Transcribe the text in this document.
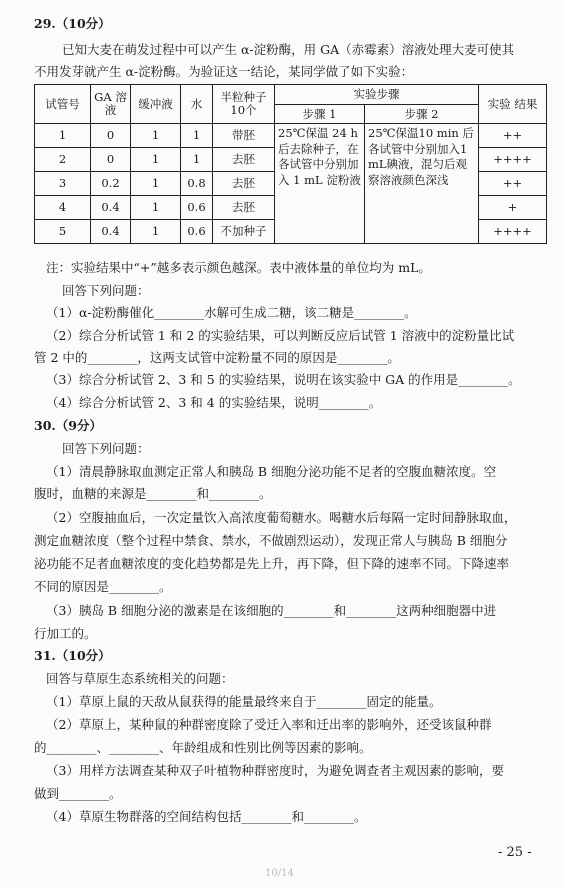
29.（10分）
已知大麦在萌发过程中可以产生 α-淀粉酶，用 GA（赤霉素）溶液处理大麦可使其
不用发芽就产生 α-淀粉酶。为验证这一结论，某同学做了如下实验：
试管号	GA 溶液	缓冲液	水	半粒种子 10个	实验步骤		实验 结果
					步骤 1	步骤 2	
1	0	1	1	带胚	25℃保温 24 h 后去除种子，在各试管中分别加入 1 mL 淀粉液	25℃保温10 min 后各试管中分别加入1 mL碘液，混匀后观察溶液颜色深浅	++
2	0	1	1	去胚			++++
3	0.2	1	0.8	去胚			++
4	0.4	1	0.6	去胚			+
5	0.4	1	0.6	不加种子			++++
注：实验结果中“+”越多表示颜色越深。表中液体量的单位均为 mL。
回答下列问题：
（1）α-淀粉酶催化________水解可生成二糖，该二糖是________。
（2）综合分析试管 1 和 2 的实验结果，可以判断反应后试管 1 溶液中的淀粉量比试
管 2 中的________，这两支试管中淀粉量不同的原因是________。
（3）综合分析试管 2、3 和 5 的实验结果，说明在该实验中 GA 的作用是________。
（4）综合分析试管 2、3 和 4 的实验结果，说明________。
30.（9分）
回答下列问题：
（1）清晨静脉取血测定正常人和胰岛 B 细胞分泌功能不足者的空腹血糖浓度。空
腹时，血糖的来源是________和________。
（2）空腹抽血后，一次定量饮入高浓度葡萄糖水。喝糖水后每隔一定时间静脉取血，
测定血糖浓度（整个过程中禁食、禁水，不做剧烈运动），发现正常人与胰岛 B 细胞分
泌功能不足者血糖浓度的变化趋势都是先上升，再下降，但下降的速率不同。下降速率
不同的原因是________。
（3）胰岛 B 细胞分泌的激素是在该细胞的________和________这两种细胞器中进
行加工的。
31.（10分）
回答与草原生态系统相关的问题：
（1）草原上鼠的天敌从鼠获得的能量最终来自于________固定的能量。
（2）草原上，某种鼠的种群密度除了受迁入率和迁出率的影响外，还受该鼠种群
的________、________、年龄组成和性别比例等因素的影响。
（3）用样方法调查某种双子叶植物种群密度时，为避免调查者主观因素的影响，要
做到________。
（4）草原生物群落的空间结构包括________和________。
- 25 -
10/14
